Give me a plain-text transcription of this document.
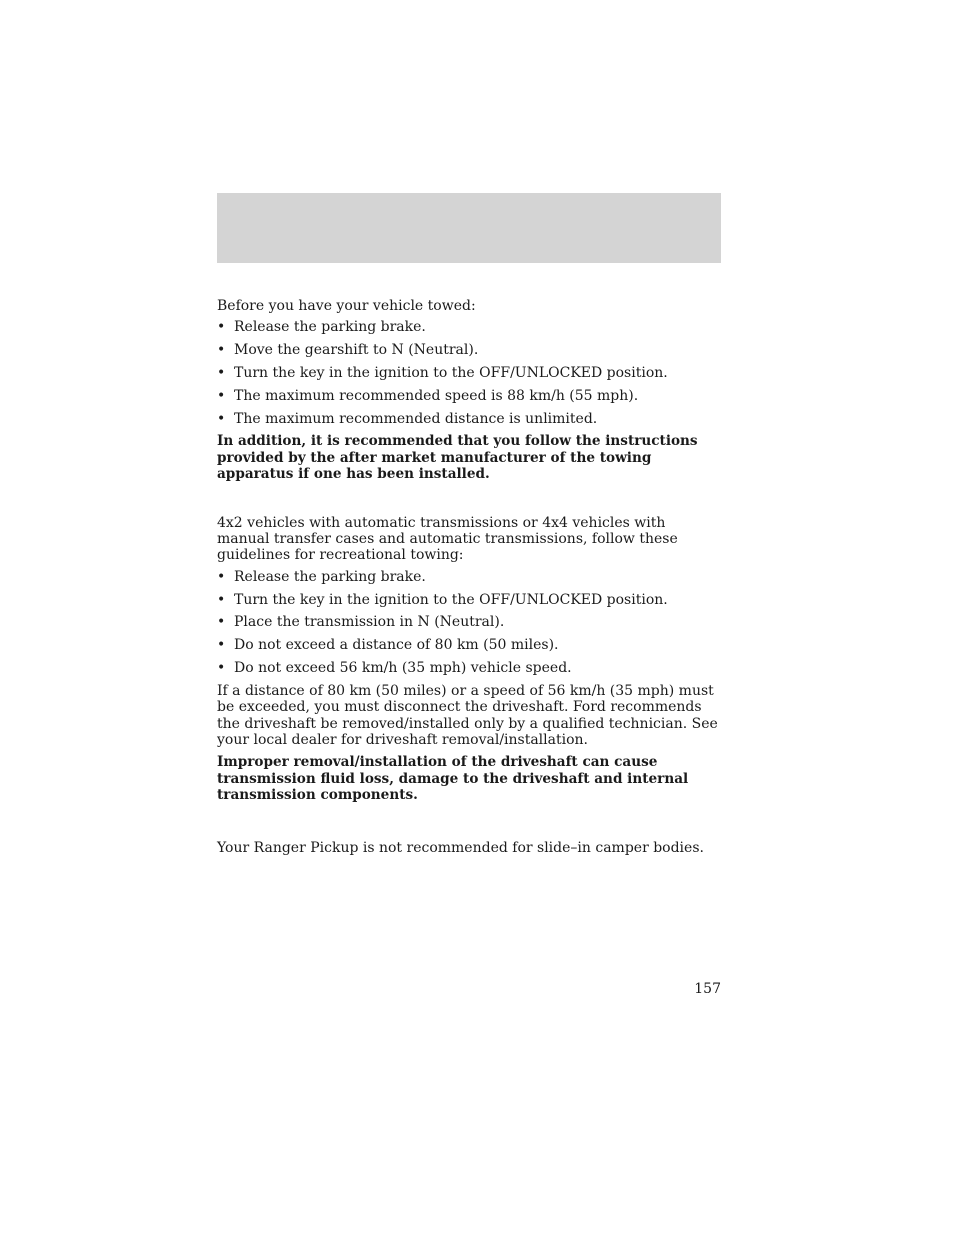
Before you have your vehicle towed:

• Release the parking brake.
• Move the gearshift to N (Neutral).
• Turn the key in the ignition to the OFF/UNLOCKED position.
• The maximum recommended speed is 88 km/h (55 mph).
• The maximum recommended distance is unlimited.

In addition, it is recommended that you follow the instructions provided by the after market manufacturer of the towing apparatus if one has been installed.

4x2 vehicles with automatic transmissions or 4x4 vehicles with manual transfer cases and automatic transmissions, follow these guidelines for recreational towing:

• Release the parking brake.
• Turn the key in the ignition to the OFF/UNLOCKED position.
• Place the transmission in N (Neutral).
• Do not exceed a distance of 80 km (50 miles).
• Do not exceed 56 km/h (35 mph) vehicle speed.

If a distance of 80 km (50 miles) or a speed of 56 km/h (35 mph) must be exceeded, you must disconnect the driveshaft. Ford recommends the driveshaft be removed/installed only by a qualified technician. See your local dealer for driveshaft removal/installation.

Improper removal/installation of the driveshaft can cause transmission fluid loss, damage to the driveshaft and internal transmission components.

Your Ranger Pickup is not recommended for slide–in camper bodies.

157
